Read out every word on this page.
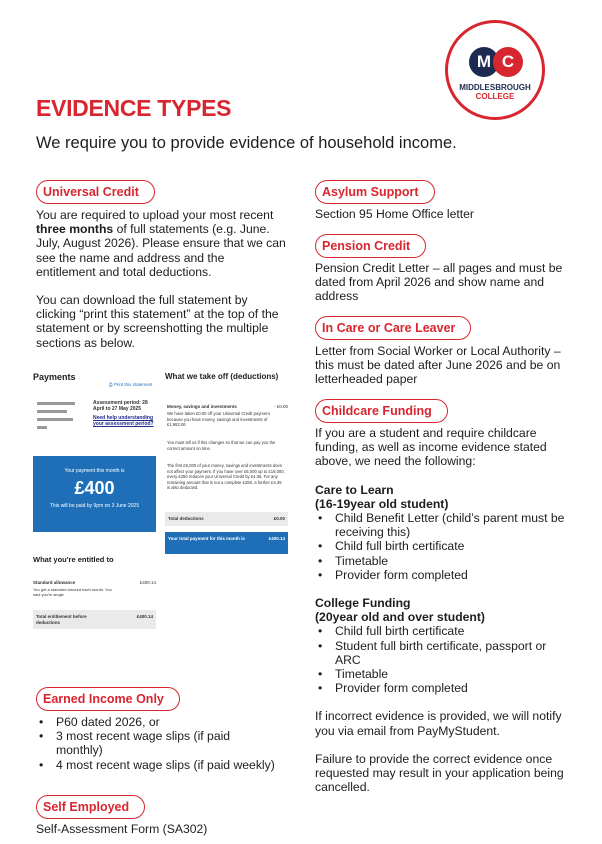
M C
MIDDLESBROUGH
COLLEGE
EVIDENCE TYPES
We require you to provide evidence of household income.
Universal Credit

You are required to upload your most recent three months of full statements (e.g. June. July, August 2026). Please ensure that we can see the name and address and the entitlement and total deductions.

You can download the full statement by clicking “print this statement” at the top of the statement or by screenshotting the multiple sections as below.

Payments
⎙ Print this statement
Assessment period: 28 April to 27 May 2025
Need help understanding your assessment period?
Your payment this month is
£400
This will be paid by 9pm on 3 June 2025
What you're entitled to
Standard allowance	£400.14
You get a standard amount each month. You said you're single
Total entitlement before deductions
£400.14
What we take off (deductions)
Money, savings and investments	- £0.00
We have taken £0.00 off your Universal Credit payment because you have money, savings and investments of £1,982.06
You must tell us if this changes so that we can pay you the correct amount on time.
The first £6,000 of your money, savings and investments does not affect your payment. If you have over £6,000 up to £16,000, every £250 reduces your Universal Credit by £4.35. For any remaining amount that is not a complete £250, a further £4.35 is also deducted.
Total deductions	£0.00
Your total payment for this month is	£400.14
Earned Income Only
• P60 dated 2026, or
• 3 most recent wage slips (if paid monthly)
• 4 most recent wage slips (if paid weekly)
Self Employed
Self-Assessment Form (SA302)
Asylum Support
Section 95 Home Office letter
Pension Credit
Pension Credit Letter – all pages and must be dated from April 2026 and show name and address
In Care or Care Leaver
Letter from Social Worker or Local Authority – this must be dated after June 2026 and be on letterheaded paper
Childcare Funding

If you are a student and require childcare funding, as well as income evidence stated above, we need the following:

Care to Learn

(16-19year old student)

• Child Benefit Letter (child’s parent must be receiving this)
• Child full birth certificate
• Timetable
• Provider form completed

College Funding

(20year old and over student)

• Child full birth certificate
• Student full birth certificate, passport or ARC
• Timetable
• Provider form completed

If incorrect evidence is provided, we will notify you via email from PayMyStudent.

Failure to provide the correct evidence once requested may result in your application being cancelled.
